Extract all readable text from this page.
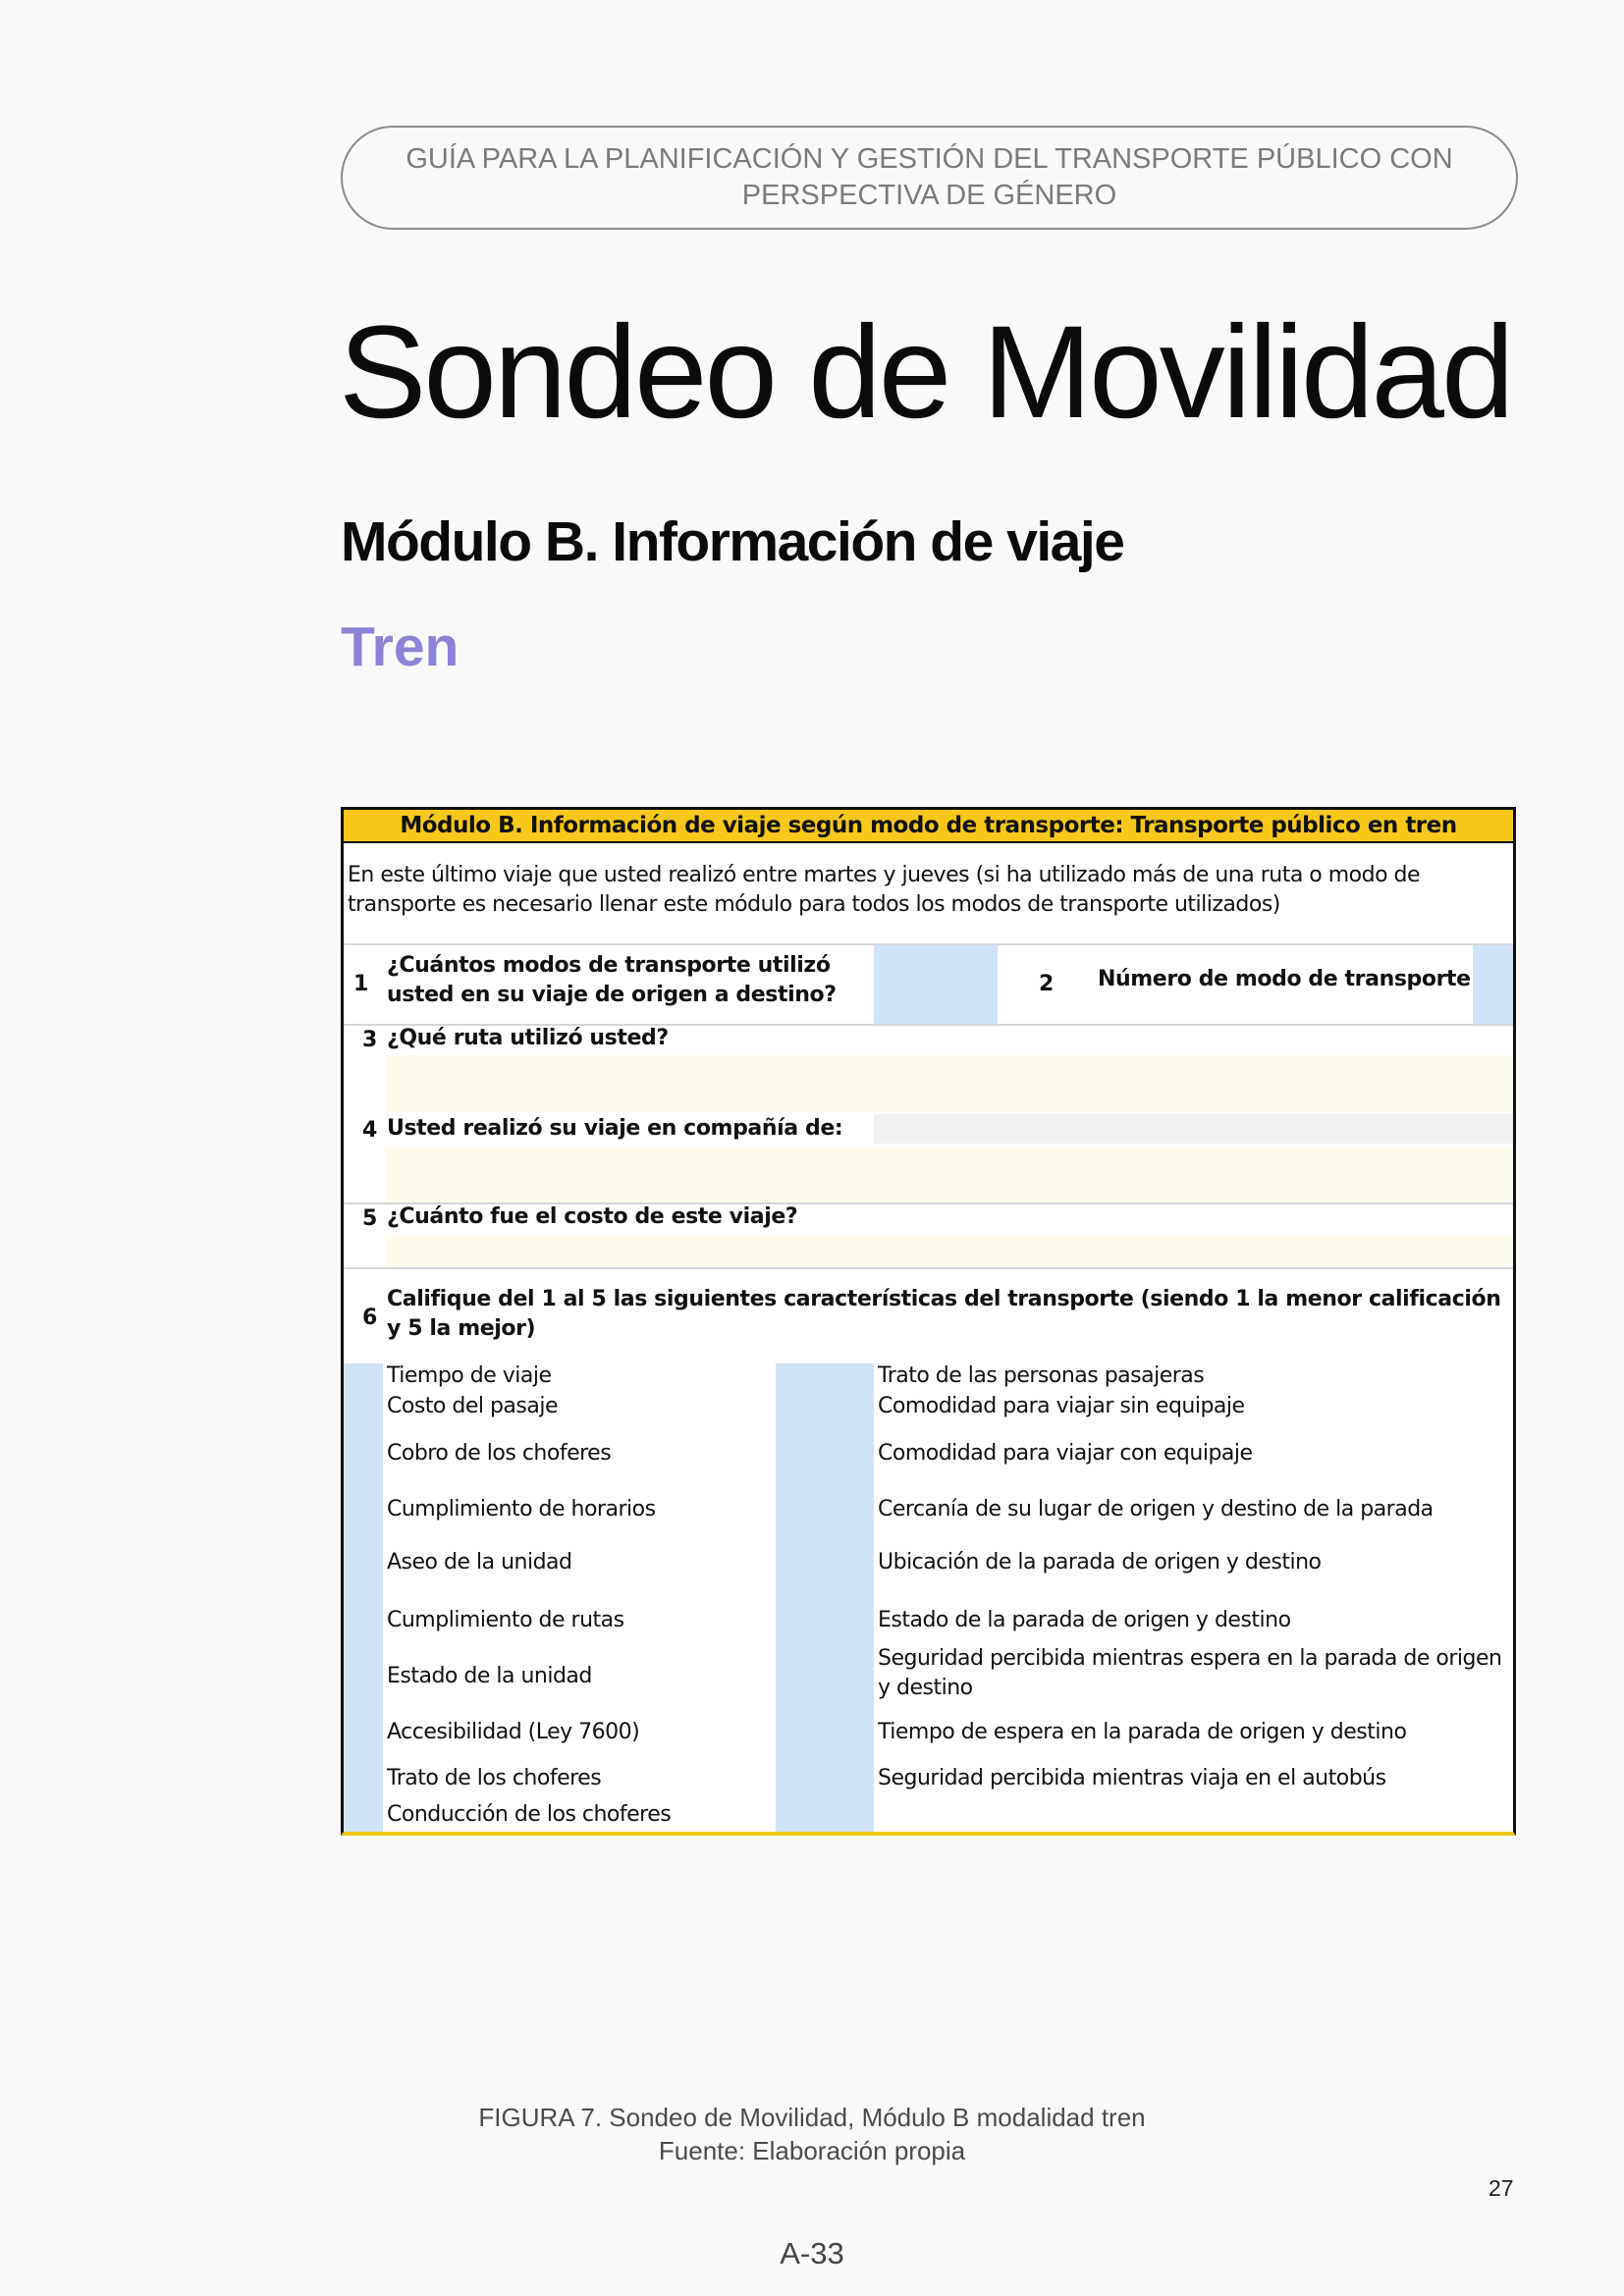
GUÍA PARA LA PLANIFICACIÓN Y GESTIÓN DEL TRANSPORTE PÚBLICO CON
PERSPECTIVA DE GÉNERO
Sondeo de Movilidad
Módulo B. Información de viaje
Tren
Módulo B. Información de viaje según modo de transporte: Transporte público en tren
En este último viaje que usted realizó entre martes y jueves (si ha utilizado más de una ruta o modo de transporte es necesario llenar este módulo para todos los modos de transporte utilizados)
1
¿Cuántos modos de transporte utilizó
usted en su viaje de origen a destino?	2 Número de modo de transporte
3 ¿Qué ruta utilizó usted?
4 Usted realizó su viaje en compañía de:
5 ¿Cuánto fue el costo de este viaje?
6
Califique del 1 al 5 las siguientes características del transporte (siendo 1 la menor calificación y 5 la mejor)
Tiempo de viaje
Costo del pasaje
Cobro de los choferes
Cumplimiento de horarios
Aseo de la unidad
Cumplimiento de rutas
Estado de la unidad
Accesibilidad (Ley 7600)
Trato de los choferes
Conducción de los choferes
Trato de las personas pasajeras
Comodidad para viajar sin equipaje
Comodidad para viajar con equipaje
Cercanía de su lugar de origen y destino de la parada
Ubicación de la parada de origen y destino
Estado de la parada de origen y destino
Seguridad percibida mientras espera en la parada de origen y destino
Tiempo de espera en la parada de origen y destino
Seguridad percibida mientras viaja en el autobús
FIGURA 7. Sondeo de Movilidad, Módulo B modalidad tren
Fuente: Elaboración propia
27
A-33
